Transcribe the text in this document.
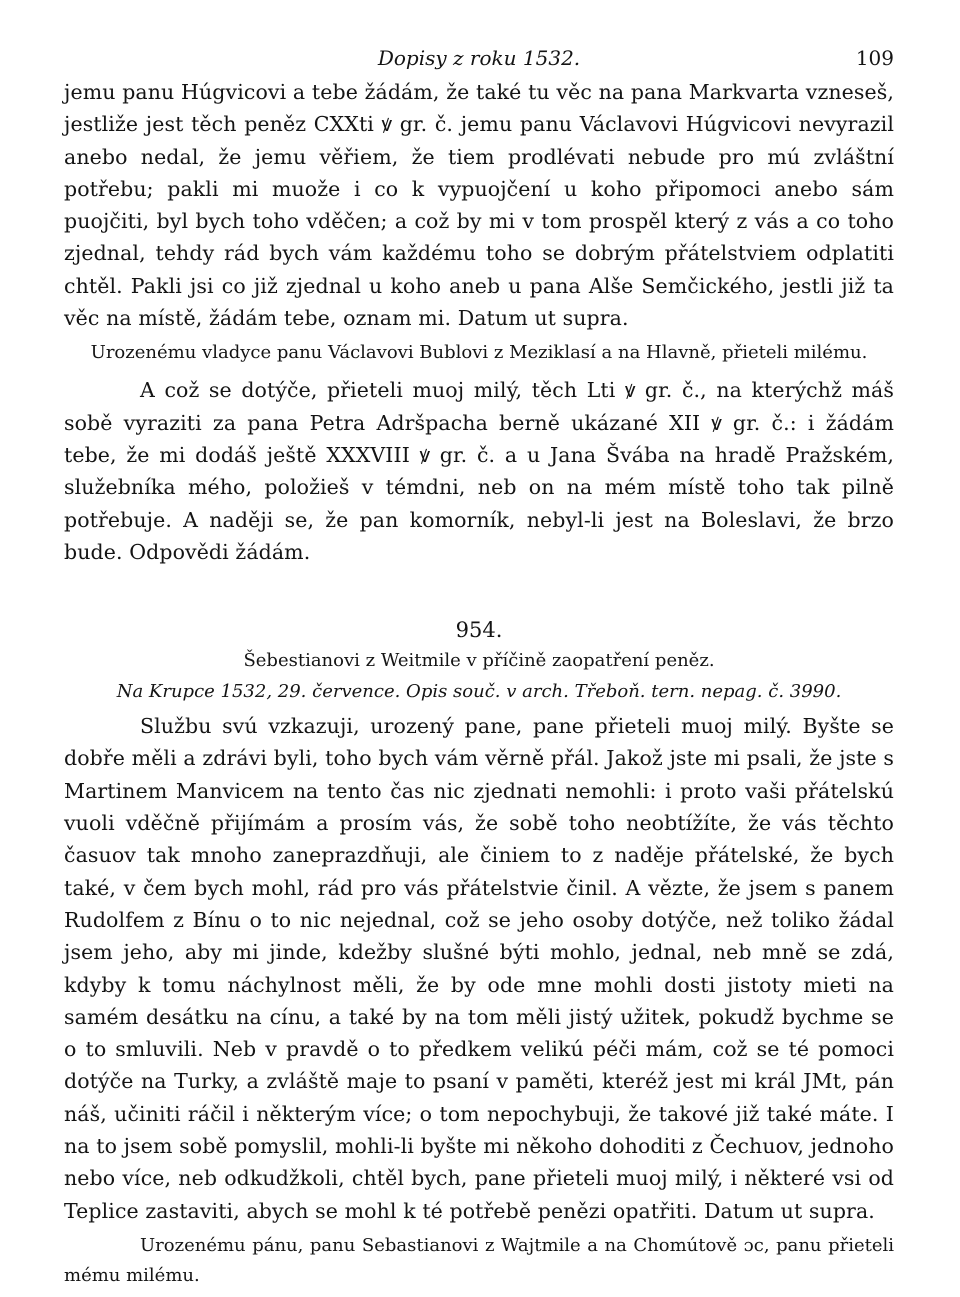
Dopisy z roku 1532.	109

jemu panu Húgvicovi a tebe žádám, že také tu věc na pana Markvarta vzneseš, jestliže jest těch peněz CXXti ꝟ gr. č. jemu panu Václavovi Húgvicovi nevyrazil anebo nedal, že jemu věřiem, že tiem prodlévati nebude pro mú zvláštní potřebu; pakli mi muože i co k vypuojčení u koho připomoci anebo sám puojčiti, byl bych toho vděčen; a což by mi v tom prospěl který z vás a co toho zjednal, tehdy rád bych vám každému toho se dobrým přátelstviem odplatiti chtěl. Pakli jsi co již zjednal u koho aneb u pana Alše Semčického, jestli již ta věc na místě, žádám tebe, oznam mi. Datum ut supra.

Urozenému vladyce panu Václavovi Bublovi z Meziklasí a na Hlavně, přieteli milému.

A což se dotýče, přieteli muoj milý, těch Lti ꝟ gr. č., na kterýchž máš sobě vyraziti za pana Petra Adršpacha berně ukázané XII ꝟ gr. č.: i žádám tebe, že mi dodáš ještě XXXVIII ꝟ gr. č. a u Jana Švába na hradě Pražském, služebníka mého, položieš v témdni, neb on na mém místě toho tak pilně potřebuje. A naději se, že pan komorník, nebyl-li jest na Boleslavi, že brzo bude. Odpovědi žádám.

954.
Šebestianovi z Weitmile v příčině zaopatření peněz.
Na Krupce 1532, 29. července. Opis souč. v arch. Třeboň. tern. nepag. č. 3990.

Službu svú vzkazuji, urozený pane, pane přieteli muoj milý. Byšte se dobře měli a zdrávi byli, toho bych vám věrně přál. Jakož jste mi psali, že jste s Martinem Manvicem na tento čas nic zjednati nemohli: i proto vaši přátelskú vuoli vděčně přijímám a prosím vás, že sobě toho neobtížíte, že vás těchto časuov tak mnoho zaneprazdňuji, ale činiem to z naděje přátelské, že bych také, v čem bych mohl, rád pro vás přátelstvie činil. A vězte, že jsem s panem Rudolfem z Bínu o to nic nejednal, což se jeho osoby dotýče, než toliko žádal jsem jeho, aby mi jinde, kdežby slušné býti mohlo, jednal, neb mně se zdá, kdyby k tomu náchylnost měli, že by ode mne mohli dosti jistoty mieti na samém desátku na cínu, a také by na tom měli jistý užitek, pokudž bychme se o to smluvili. Neb v pravdě o to předkem velikú péči mám, což se té pomoci dotýče na Turky, a zvláště maje to psaní v paměti, kteréž jest mi král JMt, pán náš, učiniti ráčil i některým více; o tom nepochybuji, že takové již také máte. I na to jsem sobě pomyslil, mohli-li byšte mi někoho dohoditi z Čechuov, jednoho nebo více, neb odkudžkoli, chtěl bych, pane přieteli muoj milý, i některé vsi od Teplice zastaviti, abych se mohl k té potřebě penězi opatřiti. Datum ut supra.

Urozenému pánu, panu Sebastianovi z Wajtmile a na Chomútově ɔc, panu přieteli mému milému.
